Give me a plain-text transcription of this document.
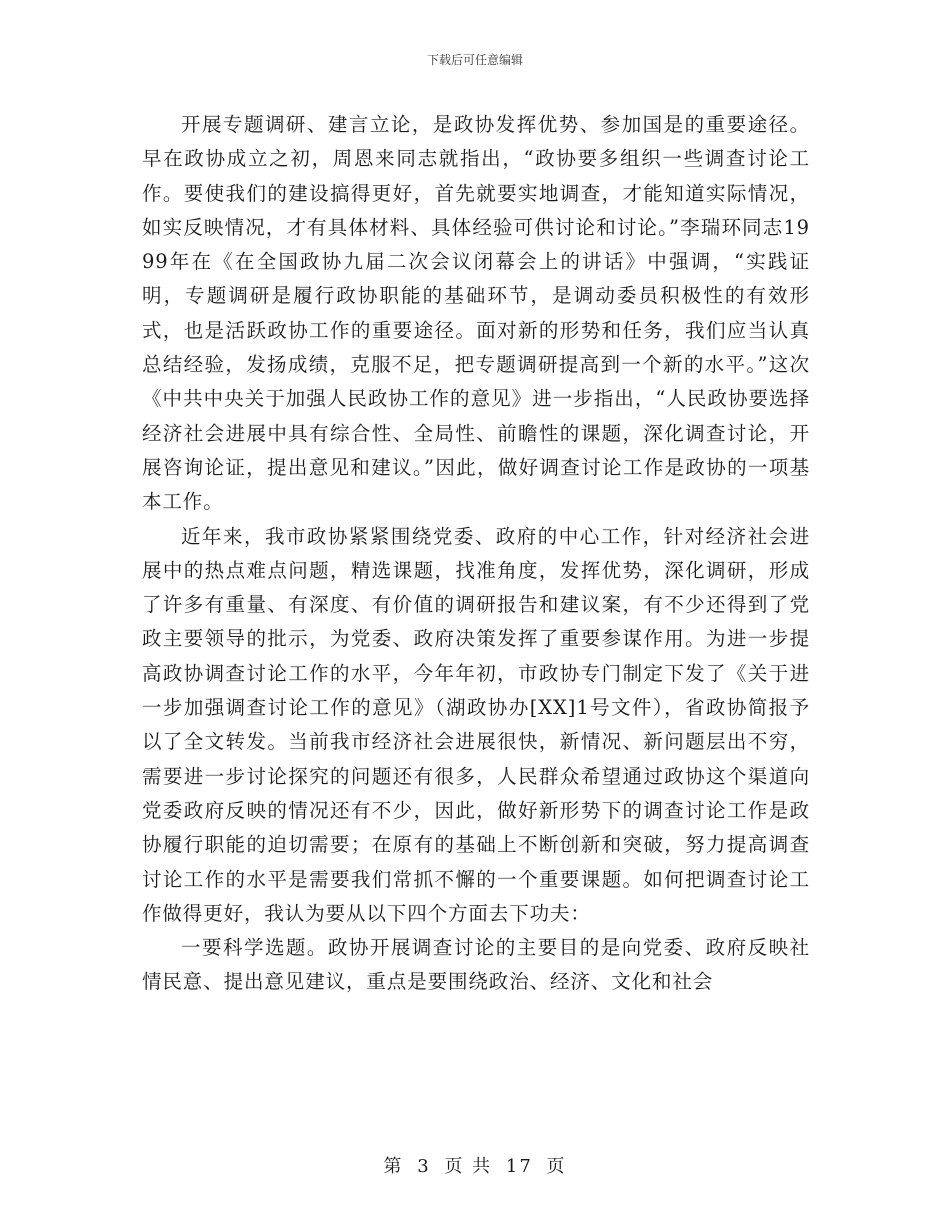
下载后可任意编辑

开展专题调研、建言立论，是政协发挥优势、参加国是的重要途径。早在政协成立之初，周恩来同志就指出，“政协要多组织一些调查讨论工作。要使我们的建设搞得更好，首先就要实地调查，才能知道实际情况，如实反映情况，才有具体材料、具体经验可供讨论和讨论。”李瑞环同志1999年在《在全国政协九届二次会议闭幕会上的讲话》中强调，“实践证明，专题调研是履行政协职能的基础环节，是调动委员积极性的有效形式，也是活跃政协工作的重要途径。面对新的形势和任务，我们应当认真总结经验，发扬成绩，克服不足，把专题调研提高到一个新的水平。”这次《中共中央关于加强人民政协工作的意见》进一步指出，“人民政协要选择经济社会进展中具有综合性、全局性、前瞻性的课题，深化调查讨论，开展咨询论证，提出意见和建议。”因此，做好调查讨论工作是政协的一项基本工作。

近年来，我市政协紧紧围绕党委、政府的中心工作，针对经济社会进展中的热点难点问题，精选课题，找准角度，发挥优势，深化调研，形成了许多有重量、有深度、有价值的调研报告和建议案，有不少还得到了党政主要领导的批示，为党委、政府决策发挥了重要参谋作用。为进一步提高政协调查讨论工作的水平，今年年初，市政协专门制定下发了《关于进一步加强调查讨论工作的意见》（湖政协办[XX]1号文件），省政协简报予以了全文转发。当前我市经济社会进展很快，新情况、新问题层出不穷，需要进一步讨论探究的问题还有很多，人民群众希望通过政协这个渠道向党委政府反映的情况还有不少，因此，做好新形势下的调查讨论工作是政协履行职能的迫切需要；在原有的基础上不断创新和突破，努力提高调查讨论工作的水平是需要我们常抓不懈的一个重要课题。如何把调查讨论工作做得更好，我认为要从以下四个方面去下功夫：

一要科学选题。政协开展调查讨论的主要目的是向党委、政府反映社情民意、提出意见建议，重点是要围绕政治、经济、文化和社会

第 3 页 共 17 页
